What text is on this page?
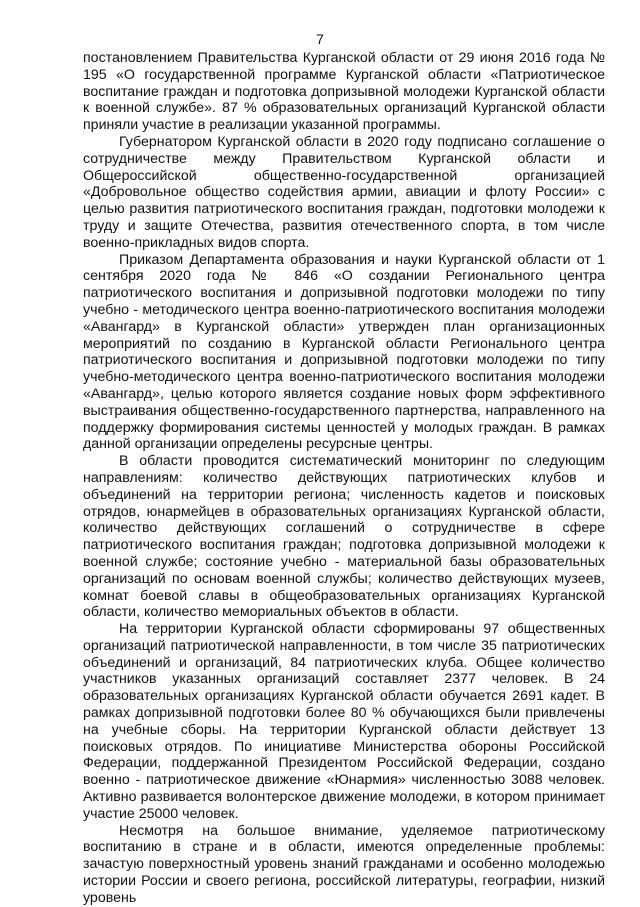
7

постановлением Правительства Курганской области от 29 июня 2016 года № 195 «О государственной программе Курганской области «Патриотическое воспитание граждан и подготовка допризывной молодежи Курганской области к военной службе». 87 % образовательных организаций Курганской области приняли участие в реализации указанной программы.

Губернатором Курганской области в 2020 году подписано соглашение о сотрудничестве между Правительством Курганской области и Общероссийской общественно-государственной организацией «Добровольное общество содействия армии, авиации и флоту России» с целью развития патриотического воспитания граждан, подготовки молодежи к труду и защите Отечества, развития отечественного спорта, в том числе военно-прикладных видов спорта.

Приказом Департамента образования и науки Курганской области от 1 сентября 2020 года № 846 «О создании Регионального центра патриотического воспитания и допризывной подготовки молодежи по типу учебно - методического центра военно-патриотического воспитания молодежи «Авангард» в Курганской области» утвержден план организационных мероприятий по созданию в Курганской области Регионального центра патриотического воспитания и допризывной подготовки молодежи по типу учебно-методического центра военно-патриотического воспитания молодежи «Авангард», целью которого является создание новых форм эффективного выстраивания общественно-государственного партнерства, направленного на поддержку формирования системы ценностей у молодых граждан. В рамках данной организации определены ресурсные центры.

В области проводится систематический мониторинг по следующим направлениям: количество действующих патриотических клубов и объединений на территории региона; численность кадетов и поисковых отрядов, юнармейцев в образовательных организациях Курганской области, количество действующих соглашений о сотрудничестве в сфере патриотического воспитания граждан; подготовка допризывной молодежи к военной службе; состояние учебно - материальной базы образовательных организаций по основам военной службы; количество действующих музеев, комнат боевой славы в общеобразовательных организациях Курганской области, количество мемориальных объектов в области.

На территории Курганской области сформированы 97 общественных организаций патриотической направленности, в том числе 35 патриотических объединений и организаций, 84 патриотических клуба. Общее количество участников указанных организаций составляет 2377 человек. В 24 образовательных организациях Курганской области обучается 2691 кадет. В рамках допризывной подготовки более 80 % обучающихся были привлечены на учебные сборы. На территории Курганской области действует 13 поисковых отрядов. По инициативе Министерства обороны Российской Федерации, поддержанной Президентом Российской Федерации, создано военно - патриотическое движение «Юнармия» численностью 3088 человек. Активно развивается волонтерское движение молодежи, в котором принимает участие 25000 человек.

Несмотря на большое внимание, уделяемое патриотическому воспитанию в стране и в области, имеются определенные проблемы: зачастую поверхностный уровень знаний гражданами и особенно молодежью истории России и своего региона, российской литературы, географии, низкий уровень
